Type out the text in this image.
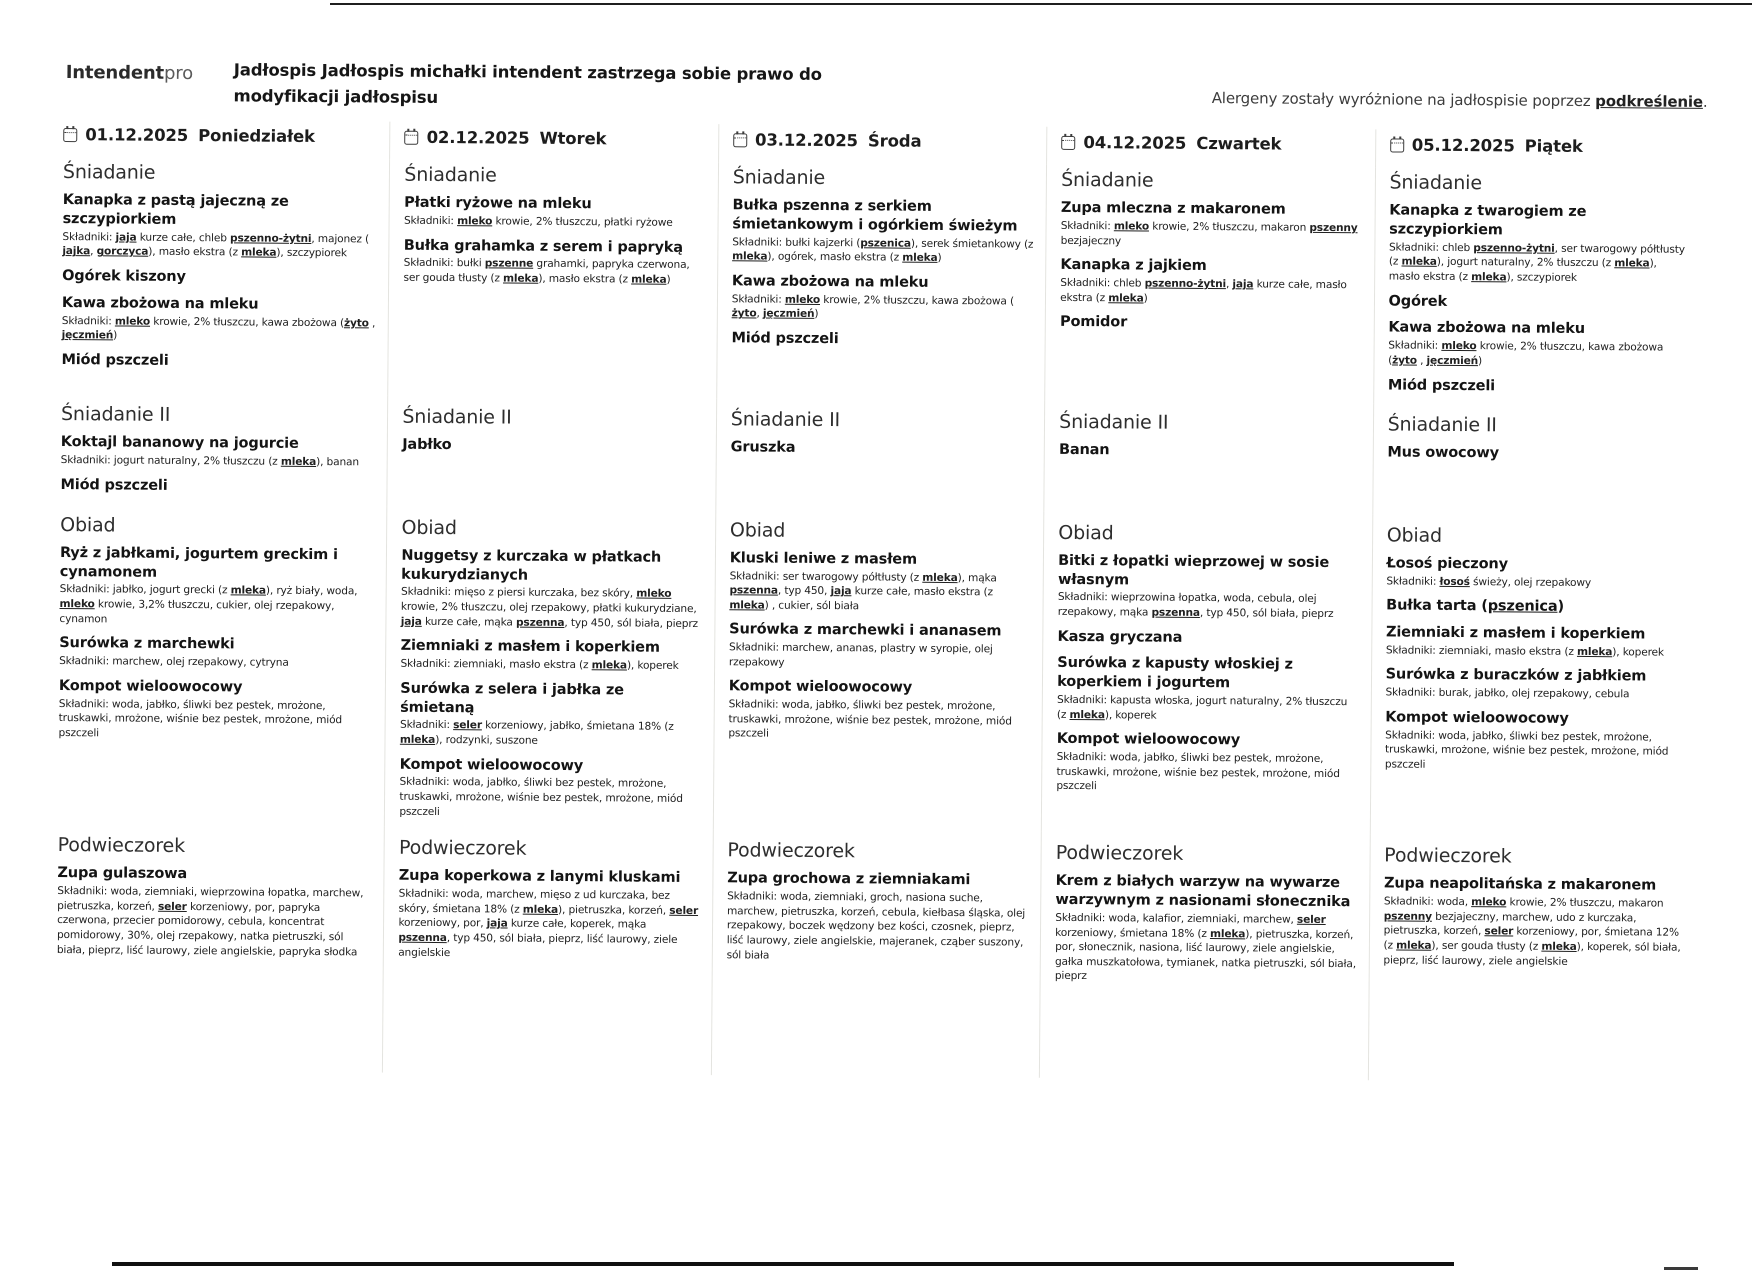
Intendentpro	Jadłospis Jadłospis michałki intendent zastrzega sobie prawo do modyfikacji jadłospisu	Alergeny zostały wyróżnione na jadłospisie poprzez podkreślenie.
01.12.2025 Poniedziałek	02.12.2025 Wtorek	03.12.2025 Środa	04.12.2025 Czwartek	05.12.2025 Piątek
Śniadanie
Kanapka z pastą jajeczną ze szczypiorkiem
Składniki: jaja kurze całe, chleb pszenno-żytni, majonez ( jajka, gorczyca), masło ekstra (z mleka), szczypiorek
Ogórek kiszony
Kawa zbożowa na mleku
Składniki: mleko krowie, 2% tłuszczu, kawa zbożowa (żyto , jęczmień)
Miód pszczeli
Śniadanie
Płatki ryżowe na mleku
Składniki: mleko krowie, 2% tłuszczu, płatki ryżowe
Bułka grahamka z serem i papryką
Składniki: bułki pszenne grahamki, papryka czerwona, ser gouda tłusty (z mleka), masło ekstra (z mleka)
Śniadanie
Bułka pszenna z serkiem śmietankowym i ogórkiem świeżym
Składniki: bułki kajzerki (pszenica), serek śmietankowy (z mleka), ogórek, masło ekstra (z mleka)
Kawa zbożowa na mleku
Składniki: mleko krowie, 2% tłuszczu, kawa zbożowa ( żyto, jęczmień)
Miód pszczeli
Śniadanie
Zupa mleczna z makaronem
Składniki: mleko krowie, 2% tłuszczu, makaron pszenny bezjajeczny
Kanapka z jajkiem
Składniki: chleb pszenno-żytni, jaja kurze całe, masło ekstra (z mleka)
Pomidor
Śniadanie
Kanapka z twarogiem ze szczypiorkiem
Składniki: chleb pszenno-żytni, ser twarogowy półtłusty (z mleka), jogurt naturalny, 2% tłuszczu (z mleka), masło ekstra (z mleka), szczypiorek
Ogórek
Kawa zbożowa na mleku
Składniki: mleko krowie, 2% tłuszczu, kawa zbożowa (żyto , jęczmień)
Miód pszczeli
Śniadanie II
Koktajl bananowy na jogurcie
Składniki: jogurt naturalny, 2% tłuszczu (z mleka), banan
Miód pszczeli
Śniadanie II
Jabłko
Śniadanie II
Gruszka
Śniadanie II
Banan
Śniadanie II
Mus owocowy
Obiad
Ryż z jabłkami, jogurtem greckim i cynamonem
Składniki: jabłko, jogurt grecki (z mleka), ryż biały, woda, mleko krowie, 3,2% tłuszczu, cukier, olej rzepakowy, cynamon
Surówka z marchewki
Składniki: marchew, olej rzepakowy, cytryna
Kompot wieloowocowy
Składniki: woda, jabłko, śliwki bez pestek, mrożone, truskawki, mrożone, wiśnie bez pestek, mrożone, miód pszczeli
Obiad
Nuggetsy z kurczaka w płatkach kukurydzianych
Składniki: mięso z piersi kurczaka, bez skóry, mleko krowie, 2% tłuszczu, olej rzepakowy, płatki kukurydziane, jaja kurze całe, mąka pszenna, typ 450, sól biała, pieprz
Ziemniaki z masłem i koperkiem
Składniki: ziemniaki, masło ekstra (z mleka), koperek
Surówka z selera i jabłka ze śmietaną
Składniki: seler korzeniowy, jabłko, śmietana 18% (z mleka), rodzynki, suszone
Kompot wieloowocowy
Składniki: woda, jabłko, śliwki bez pestek, mrożone, truskawki, mrożone, wiśnie bez pestek, mrożone, miód pszczeli
Obiad
Kluski leniwe z masłem
Składniki: ser twarogowy półtłusty (z mleka), mąka pszenna, typ 450, jaja kurze całe, masło ekstra (z mleka) , cukier, sól biała
Surówka z marchewki i ananasem
Składniki: marchew, ananas, plastry w syropie, olej rzepakowy
Kompot wieloowocowy
Składniki: woda, jabłko, śliwki bez pestek, mrożone, truskawki, mrożone, wiśnie bez pestek, mrożone, miód pszczeli
Obiad
Bitki z łopatki wieprzowej w sosie własnym
Składniki: wieprzowina łopatka, woda, cebula, olej rzepakowy, mąka pszenna, typ 450, sól biała, pieprz
Kasza gryczana
Surówka z kapusty włoskiej z koperkiem i jogurtem
Składniki: kapusta włoska, jogurt naturalny, 2% tłuszczu (z mleka), koperek
Kompot wieloowocowy
Składniki: woda, jabłko, śliwki bez pestek, mrożone, truskawki, mrożone, wiśnie bez pestek, mrożone, miód pszczeli
Obiad
Łosoś pieczony
Składniki: łosoś świeży, olej rzepakowy
Bułka tarta (pszenica)
Ziemniaki z masłem i koperkiem
Składniki: ziemniaki, masło ekstra (z mleka), koperek
Surówka z buraczków z jabłkiem
Składniki: burak, jabłko, olej rzepakowy, cebula
Kompot wieloowocowy
Składniki: woda, jabłko, śliwki bez pestek, mrożone, truskawki, mrożone, wiśnie bez pestek, mrożone, miód pszczeli
Podwieczorek
Zupa gulaszowa
Składniki: woda, ziemniaki, wieprzowina łopatka, marchew, pietruszka, korzeń, seler korzeniowy, por, papryka czerwona, przecier pomidorowy, cebula, koncentrat pomidorowy, 30%, olej rzepakowy, natka pietruszki, sól biała, pieprz, liść laurowy, ziele angielskie, papryka słodka
Podwieczorek
Zupa koperkowa z lanymi kluskami
Składniki: woda, marchew, mięso z ud kurczaka, bez skóry, śmietana 18% (z mleka), pietruszka, korzeń, seler korzeniowy, por, jaja kurze całe, koperek, mąka pszenna, typ 450, sól biała, pieprz, liść laurowy, ziele angielskie
Podwieczorek
Zupa grochowa z ziemniakami
Składniki: woda, ziemniaki, groch, nasiona suche, marchew, pietruszka, korzeń, cebula, kiełbasa śląska, olej rzepakowy, boczek wędzony bez kości, czosnek, pieprz, liść laurowy, ziele angielskie, majeranek, cząber suszony, sól biała
Podwieczorek
Krem z białych warzyw na wywarze warzywnym z nasionami słonecznika
Składniki: woda, kalafior, ziemniaki, marchew, seler korzeniowy, śmietana 18% (z mleka), pietruszka, korzeń, por, słonecznik, nasiona, liść laurowy, ziele angielskie, gałka muszkatołowa, tymianek, natka pietruszki, sól biała, pieprz
Podwieczorek
Zupa neapolitańska z makaronem
Składniki: woda, mleko krowie, 2% tłuszczu, makaron pszenny bezjajeczny, marchew, udo z kurczaka, pietruszka, korzeń, seler korzeniowy, por, śmietana 12% (z mleka), ser gouda tłusty (z mleka), koperek, sól biała, pieprz, liść laurowy, ziele angielskie
